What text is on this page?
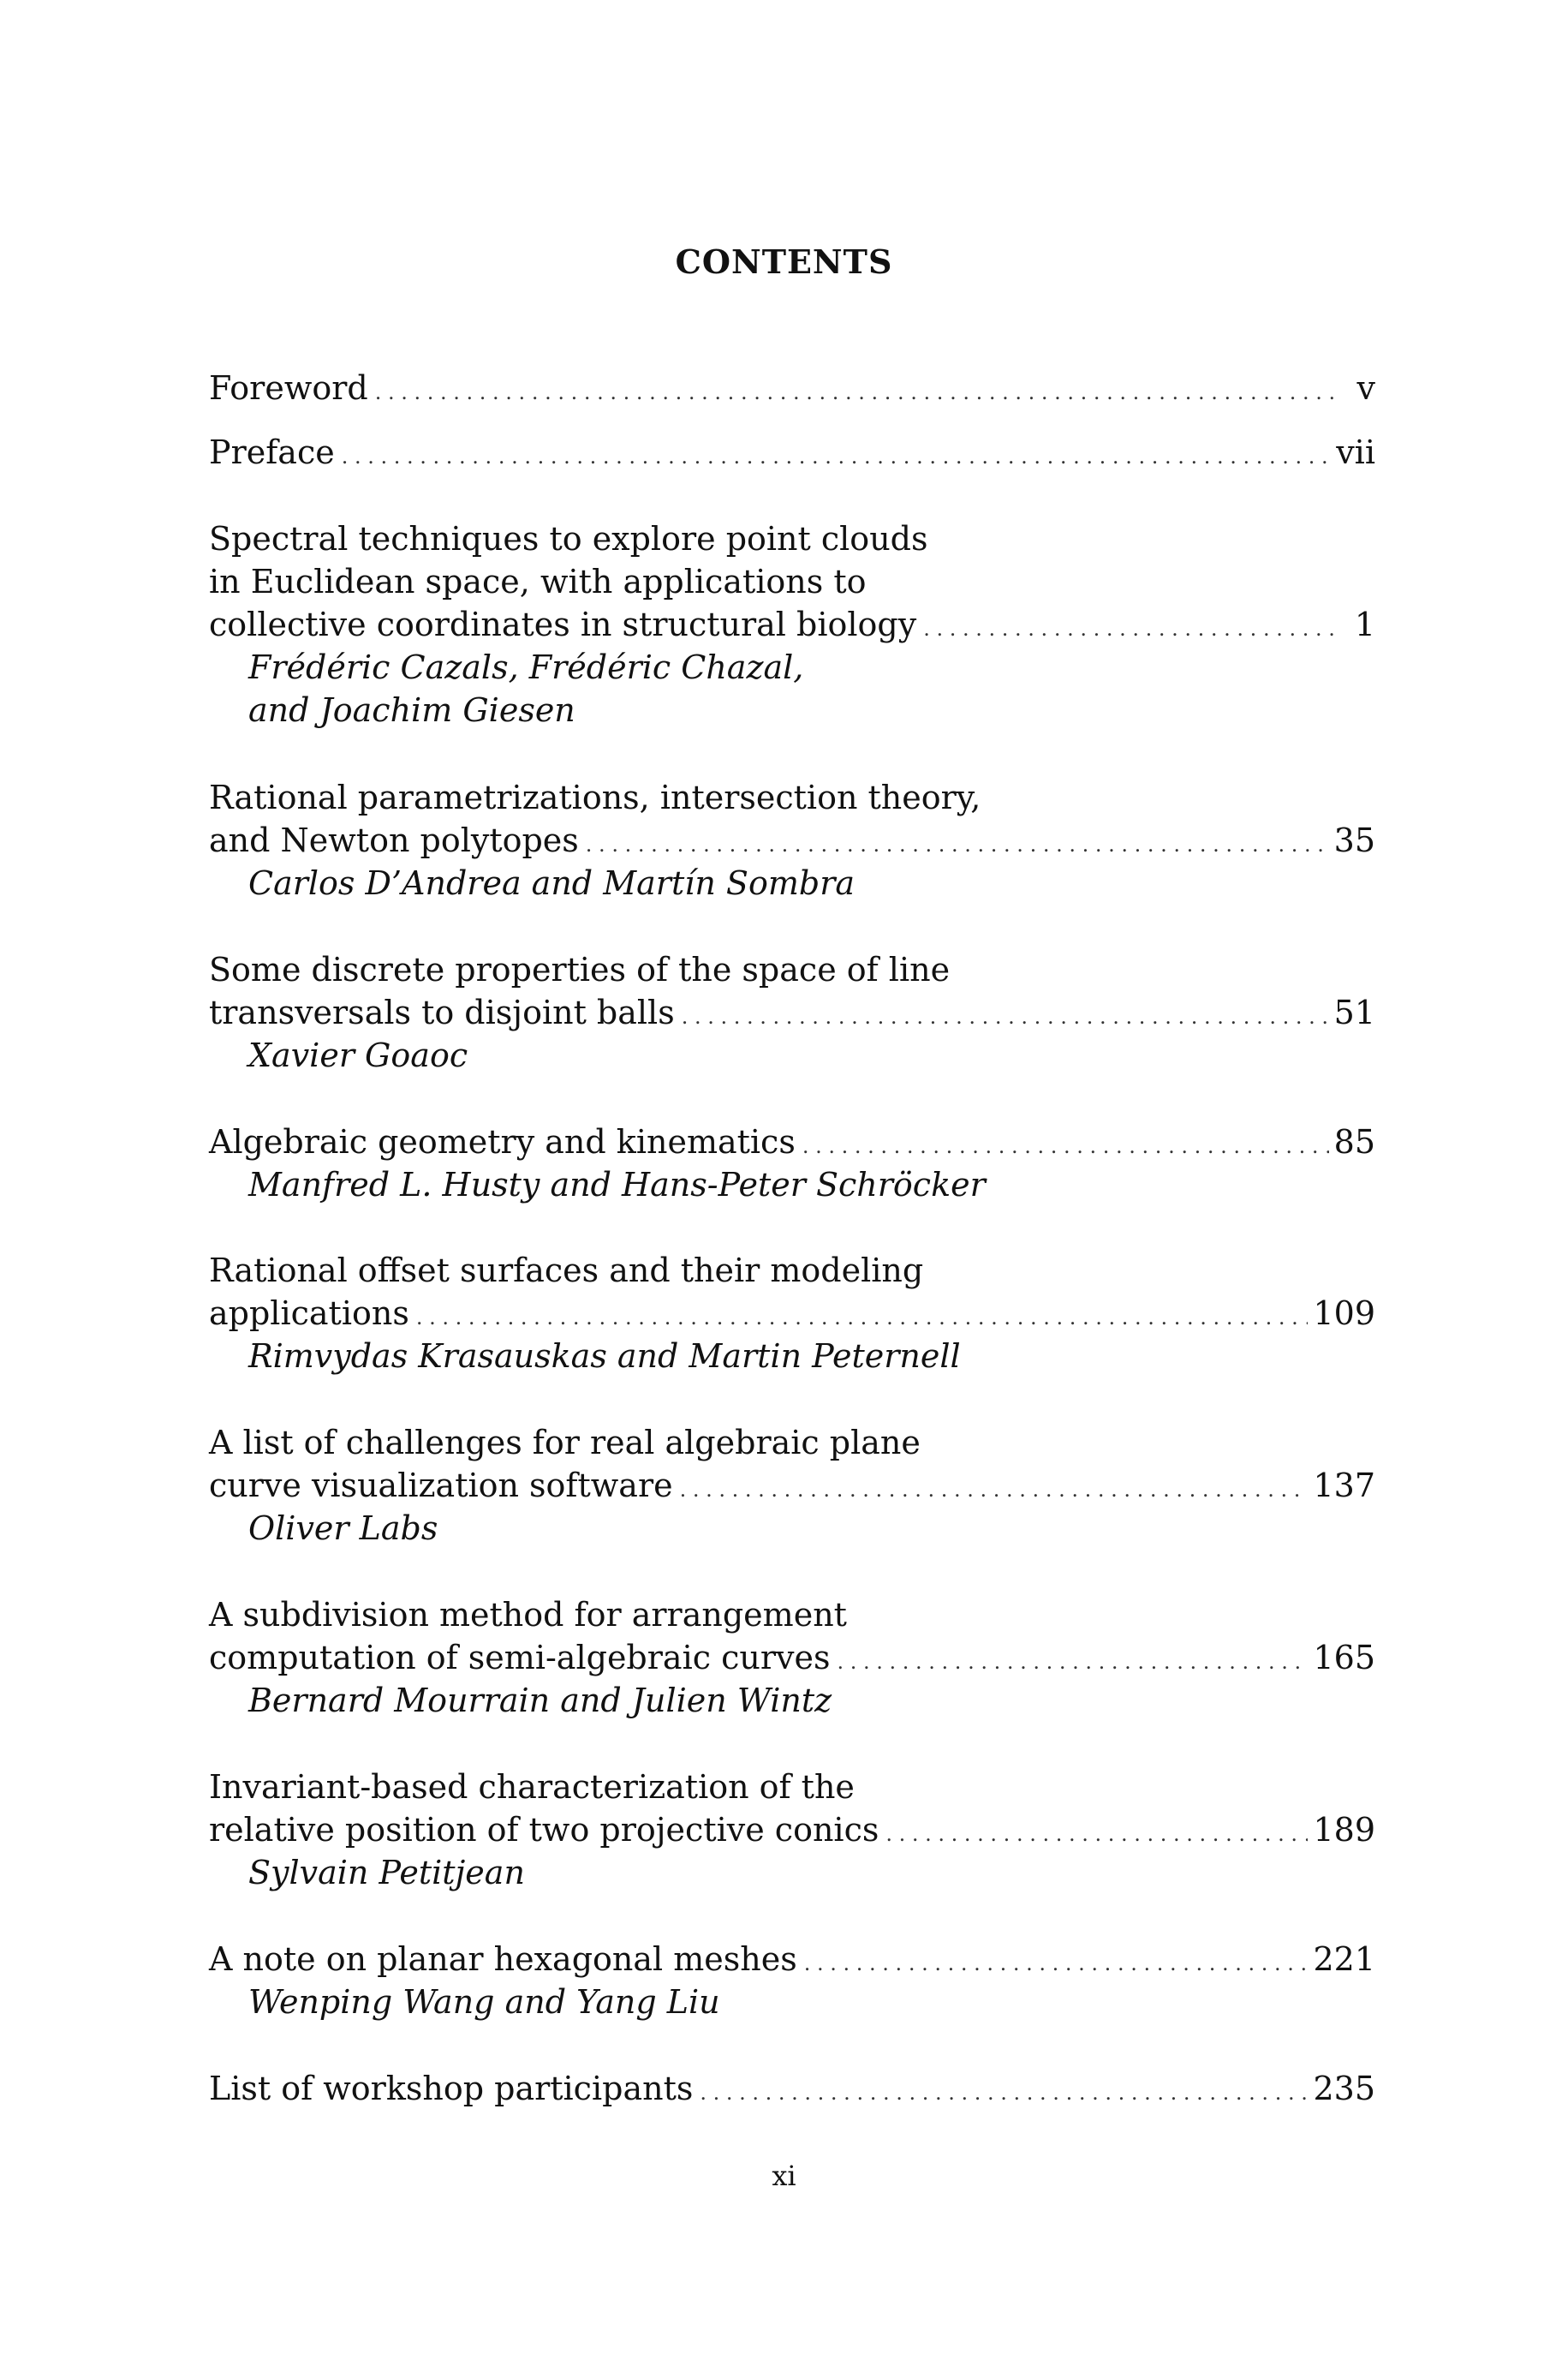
CONTENTS
Foreword . . .	v
Preface . . .	vii
Spectral techniques to explore point clouds
in Euclidean space, with applications to
collective coordinates in structural biology . . .	1
Frédéric Cazals, Frédéric Chazal,
and Joachim Giesen
Rational parametrizations, intersection theory,
and Newton polytopes . . .	35
Carlos D’Andrea and Martín Sombra
Some discrete properties of the space of line
transversals to disjoint balls . . .	51
Xavier Goaoc
Algebraic geometry and kinematics . . .	85
Manfred L. Husty and Hans-Peter Schröcker
Rational offset surfaces and their modeling
applications . . .	109
Rimvydas Krasauskas and Martin Peternell
A list of challenges for real algebraic plane
curve visualization software . . .	137
Oliver Labs
A subdivision method for arrangement
computation of semi-algebraic curves . . .	165
Bernard Mourrain and Julien Wintz
Invariant-based characterization of the
relative position of two projective conics . . .	189
Sylvain Petitjean
A note on planar hexagonal meshes . . .	221
Wenping Wang and Yang Liu
List of workshop participants . . .	235
xi
